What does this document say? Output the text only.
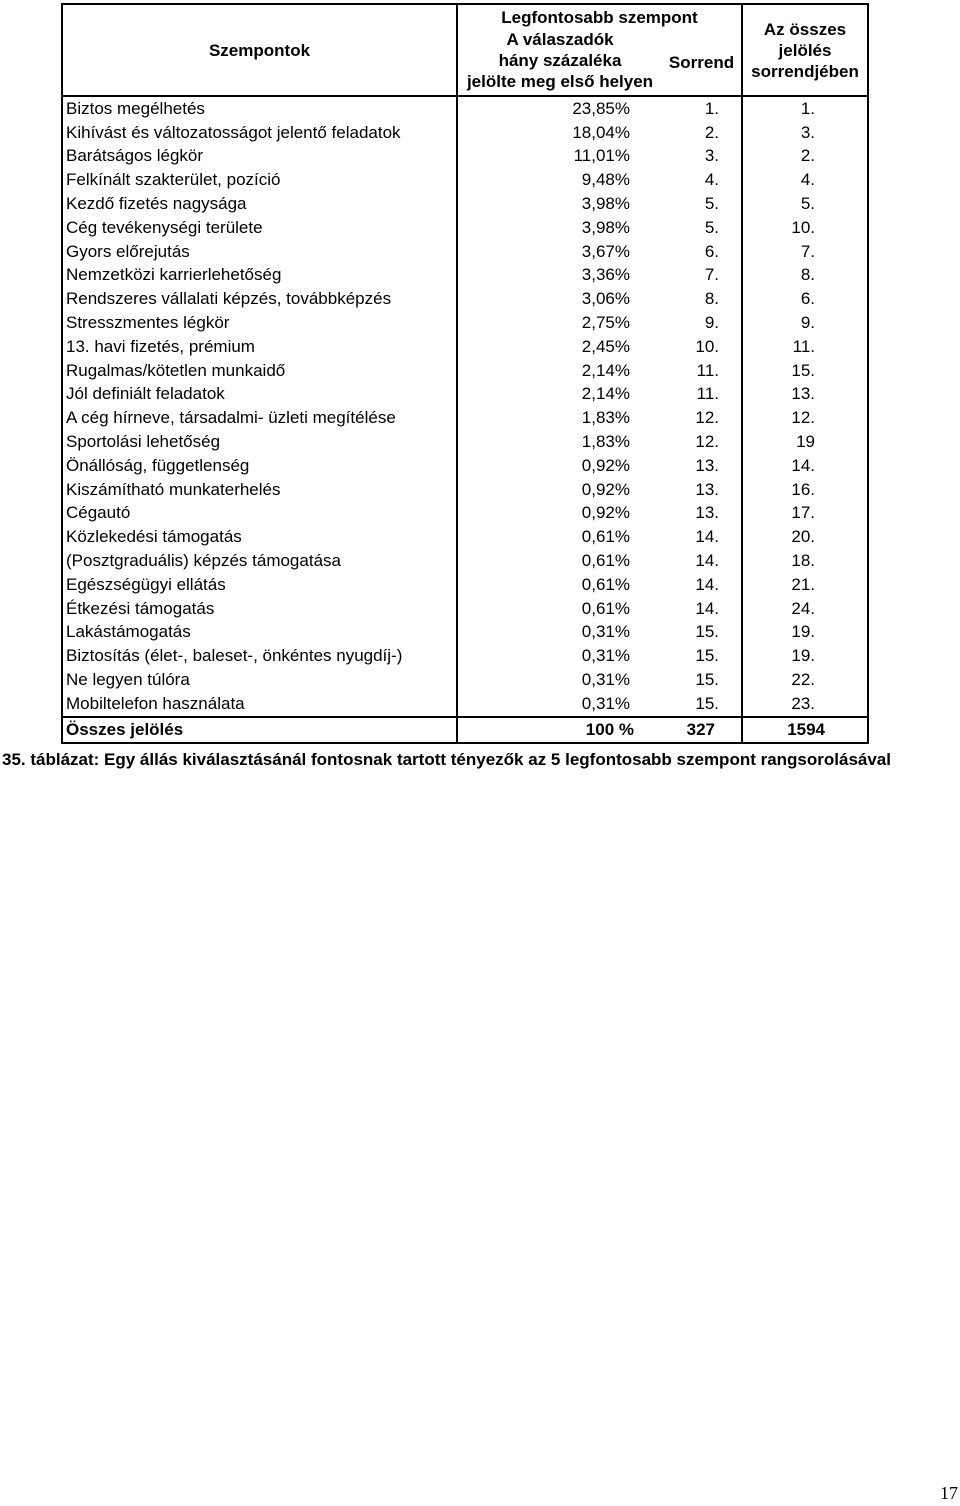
Szempontok	Legfontosabb szempont		Az összes
jelölés
sorrendjében

	A válaszadók
hány százaléka
jelölte meg első helyen	Sorrend	
Biztos megélhetés	23,85%	1.	1.
Kihívást és változatosságot jelentő feladatok	18,04%	2.	3.
Barátságos légkör	11,01%	3.	2.
Felkínált szakterület, pozíció	9,48%	4.	4.
Kezdő fizetés nagysága	3,98%	5.	5.
Cég tevékenységi területe	3,98%	5.	10.
Gyors előrejutás	3,67%	6.	7.
Nemzetközi karrierlehetőség	3,36%	7.	8.
Rendszeres vállalati képzés, továbbképzés	3,06%	8.	6.
Stresszmentes légkör	2,75%	9.	9.
13. havi fizetés, prémium	2,45%	10.	11.
Rugalmas/kötetlen munkaidő	2,14%	11.	15.
Jól definiált feladatok	2,14%	11.	13.
A cég hírneve, társadalmi- üzleti megítélése	1,83%	12.	12.
Sportolási lehetőség	1,83%	12.	19
Önállóság, függetlenség	0,92%	13.	14.
Kiszámítható munkaterhelés	0,92%	13.	16.
Cégautó	0,92%	13.	17.
Közlekedési támogatás	0,61%	14.	20.
(Posztgraduális) képzés támogatása	0,61%	14.	18.
Egészségügyi ellátás	0,61%	14.	21.
Étkezési támogatás	0,61%	14.	24.
Lakástámogatás	0,31%	15.	19.
Biztosítás (élet-, baleset-, önkéntes nyugdíj-)	0,31%	15.	19.
Ne legyen túlóra	0,31%	15.	22.
Mobiltelefon használata	0,31%	15.	23.
Összes jelölés	100 %	327	1594
35. táblázat: Egy állás kiválasztásánál fontosnak tartott tényezők az 5 legfontosabb szempont rangsorolásával
17
